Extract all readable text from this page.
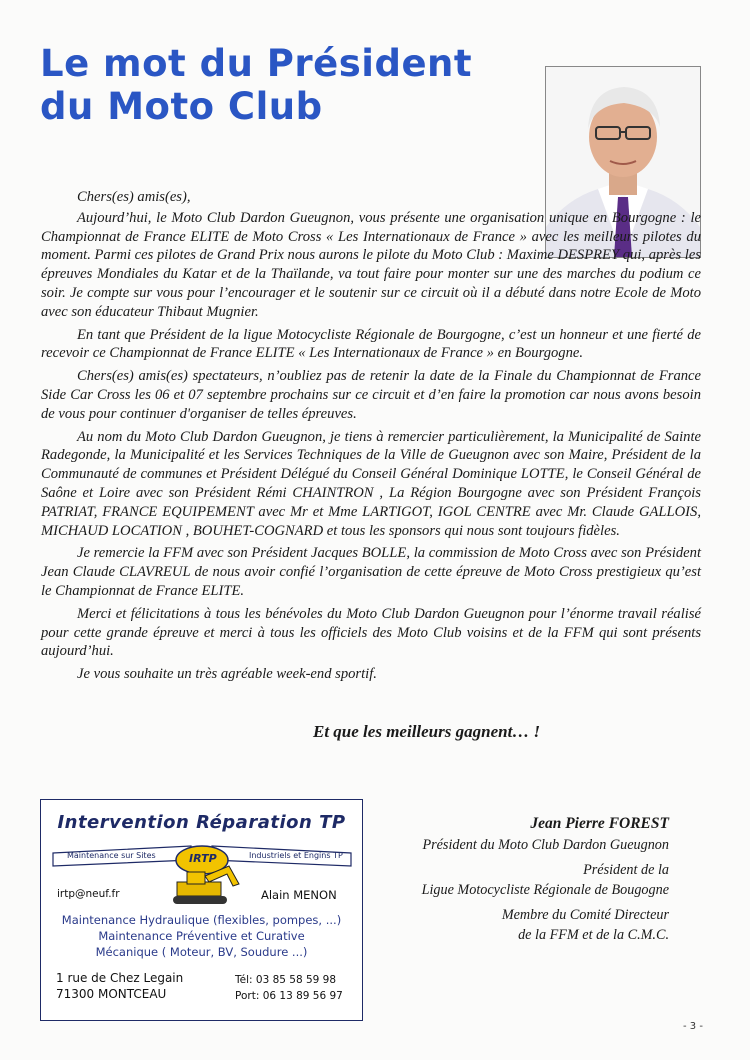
Le mot du Président
du Moto Club

Chers(es) amis(es),

Aujourd’hui, le Moto Club Dardon Gueugnon, vous présente une organisation unique en Bourgogne : le Championnat de France ELITE de Moto Cross « Les Internationaux de France » avec les meilleurs pilotes du moment. Parmi ces pilotes de Grand Prix nous aurons le pilote du Moto Club : Maxime DESPREY qui, après les épreuves Mondiales du Katar et de la Thaïlande, va tout faire pour monter sur une des marches du podium ce soir. Je compte sur vous pour l’encourager et le soutenir sur ce circuit où il a débuté dans notre Ecole de Moto avec son éducateur Thibaut Mugnier.

En tant que Président de la ligue Motocycliste Régionale de Bourgogne, c’est un honneur et une fierté de recevoir ce Championnat de France ELITE « Les Internationaux de France » en Bourgogne.

Chers(es) amis(es) spectateurs, n’oubliez pas de retenir la date de la Finale du Championnat de France Side Car Cross les 06 et 07 septembre prochains sur ce circuit et d’en faire la promotion car nous avons besoin de vous pour continuer d'organiser de telles épreuves.

Au nom du Moto Club Dardon Gueugnon, je tiens à remercier particulièrement, la Municipalité de Sainte Radegonde, la Municipalité et les Services Techniques de la Ville de Gueugnon avec son Maire, Président de la Communauté de communes et Président Délégué du Conseil Général Dominique LOTTE, le Conseil Général de Saône et Loire avec son Président Rémi CHAINTRON , La Région Bourgogne avec son Président François PATRIAT, FRANCE EQUIPEMENT avec Mr et Mme LARTIGOT, IGOL CENTRE avec Mr. Claude GALLOIS, MICHAUD LOCATION , BOUHET-COGNARD et tous les sponsors qui nous sont toujours fidèles.

Je remercie la FFM avec son Président Jacques BOLLE, la commission de Moto Cross avec son Président Jean Claude CLAVREUL de nous avoir confié l’organisation de cette épreuve de Moto Cross prestigieux qu’est le Championnat de France ELITE.

Merci et félicitations à tous les bénévoles du Moto Club Dardon Gueugnon pour l’énorme travail réalisé pour cette grande épreuve et merci à tous les officiels des Moto Club voisins et de la FFM qui sont présents aujourd’hui.

Je vous souhaite un très agréable week-end sportif.

Et que les meilleurs gagnent… !
Intervention Réparation TP
Maintenance sur Sites	Industriels et Engins TP
IRTP
irtp@neuf.fr	Alain MENON
Maintenance Hydraulique (flexibles, pompes, ...)
Maintenance Préventive et Curative
Mécanique ( Moteur, BV, Soudure ...)
1 rue de Chez Legain
71300 MONTCEAU
Tél: 03 85 58 59 98
Port: 06 13 89 56 97
Jean Pierre FOREST

Président du Moto Club Dardon Gueugnon

Président de la
Ligue Motocycliste Régionale de Bougogne

Membre du Comité Directeur
de la FFM et de la C.M.C.

- 3 -
